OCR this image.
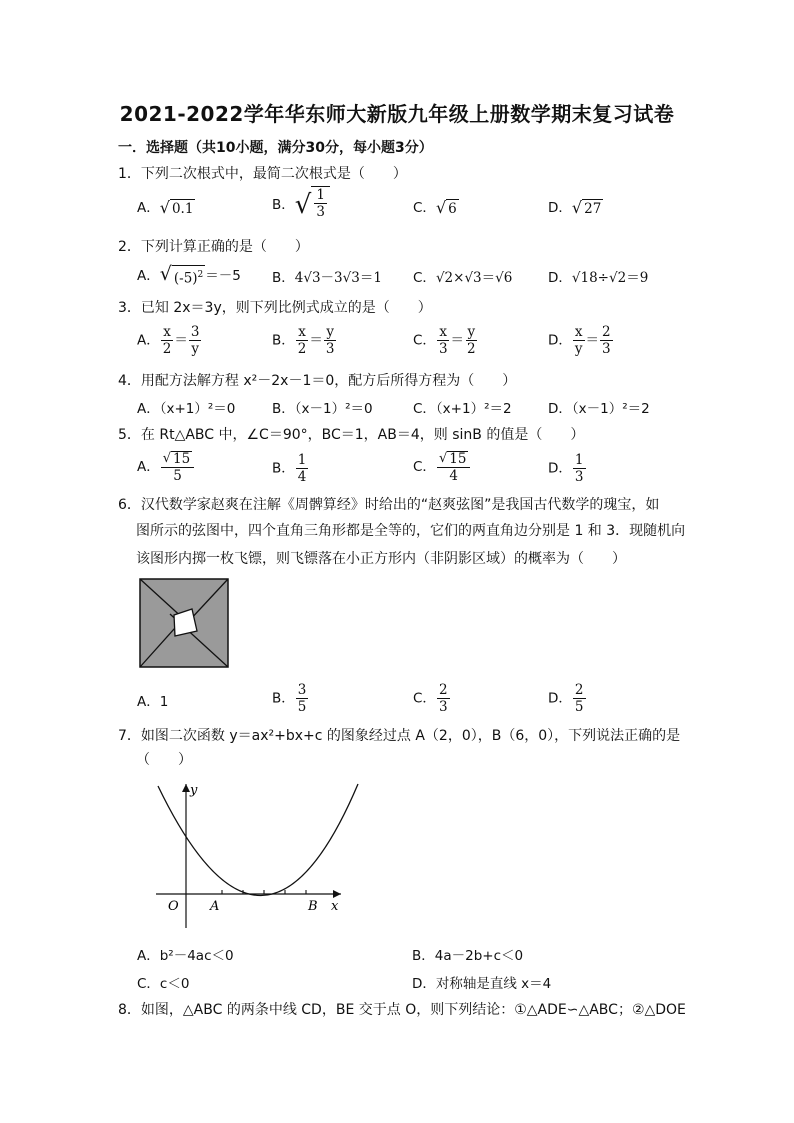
2021-2022学年华东师大新版九年级上册数学期末复习试卷
一．选择题（共10小题，满分30分，每小题3分）
1．下列二次根式中，最简二次根式是（　　）
A． √ 0.1	B． √ $\frac{1}{3}$	C． √ 6	D． √ 27
2．下列计算正确的是（　　）
A． √ $(-5)^2 =-5$ B．4√3－3√3＝1 C．√2×√3＝√6	D．√18÷√2＝9
3．已知 2x＝3y，则下列比例式成立的是（　　）
A． $\frac{x}{2} = \frac{3}{y}$	B． $\frac{x}{2} = \frac{y}{3}$	C． $\frac{x}{3} = \frac{y}{2}$	D． $\frac{x}{y} = \frac{2}{3}$
4．用配方法解方程 x²－2x－1＝0，配方后所得方程为（　　）
A．（x+1）²＝0	B．（x－1）²＝0	C．（x+1）²＝2	D．（x－1）²＝2
5．在 Rt△ABC 中，∠C＝90°，BC＝1，AB＝4，则 sinB 的值是（　　）
A． $\frac{√ 15}{5}$	B． $\frac{1}{4}$	C． $\frac{√ 15}{4}$	D． $\frac{1}{3}$
6．汉代数学家赵爽在注解《周髀算经》时给出的“赵爽弦图”是我国古代数学的瑰宝，如
图所示的弦图中，四个直角三角形都是全等的，它们的两直角边分别是 1 和 3．现随机向
该图形内掷一枚飞镖，则飞镖落在小正方形内（非阴影区域）的概率为（　　）
A．1	B． $\frac{3}{5}$	C． $\frac{2}{3}$	D． $\frac{2}{5}$
7．如图二次函数 y＝ax²+bx+c 的图象经过点 A（2，0），B（6，0），下列说法正确的是
（　　）
y
x
O A	B
A．b²－4ac＜0	B．4a－2b+c＜0
C．c＜0	D．对称轴是直线 x＝4
8．如图，△ABC 的两条中线 CD，BE 交于点 O，则下列结论：①△ADE∽△ABC；②△DOE
